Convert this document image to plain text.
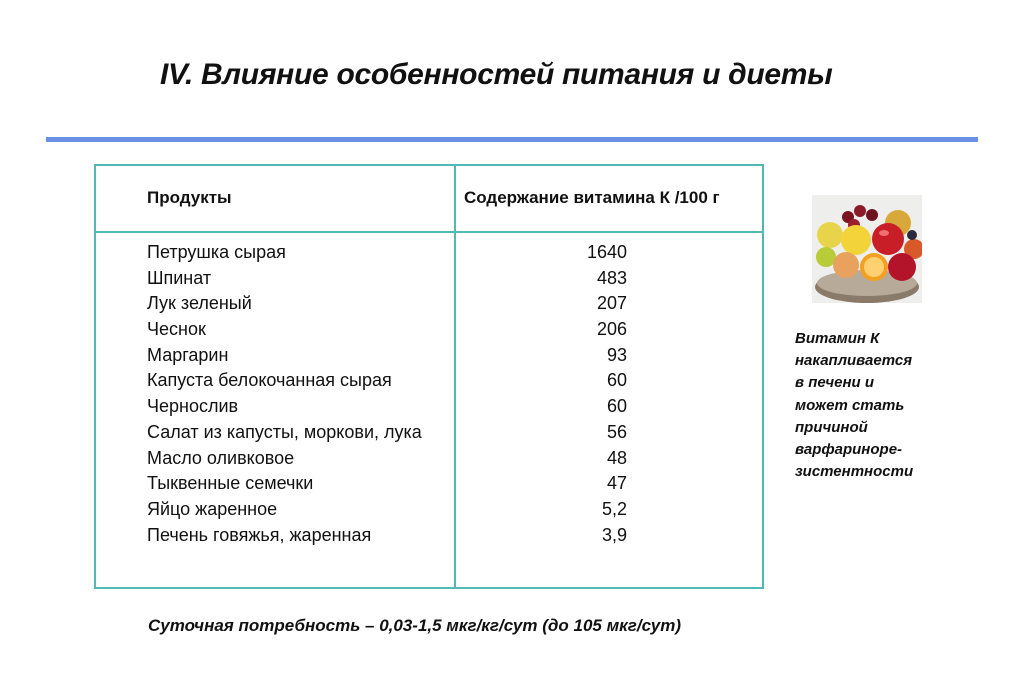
IV. Влияние особенностей питания и диеты
Продукты	Содержание витамина К /100 г
Петрушка сырая	1640
Шпинат	483
Лук зеленый	207
Чеснок	206
Маргарин	93
Капуста белокочанная сырая	60
Чернослив	60
Салат из капусты, моркови, лука	56
Масло оливковое	48
Тыквенные семечки	47
Яйцо жаренное	5,2
Печень говяжья, жаренная	3,9
Витамин К
накапливается
в печени и
может стать
причиной
варфариноре-
зистентности
Суточная потребность – 0,03-1,5 мкг/кг/сут (до 105 мкг/сут)
